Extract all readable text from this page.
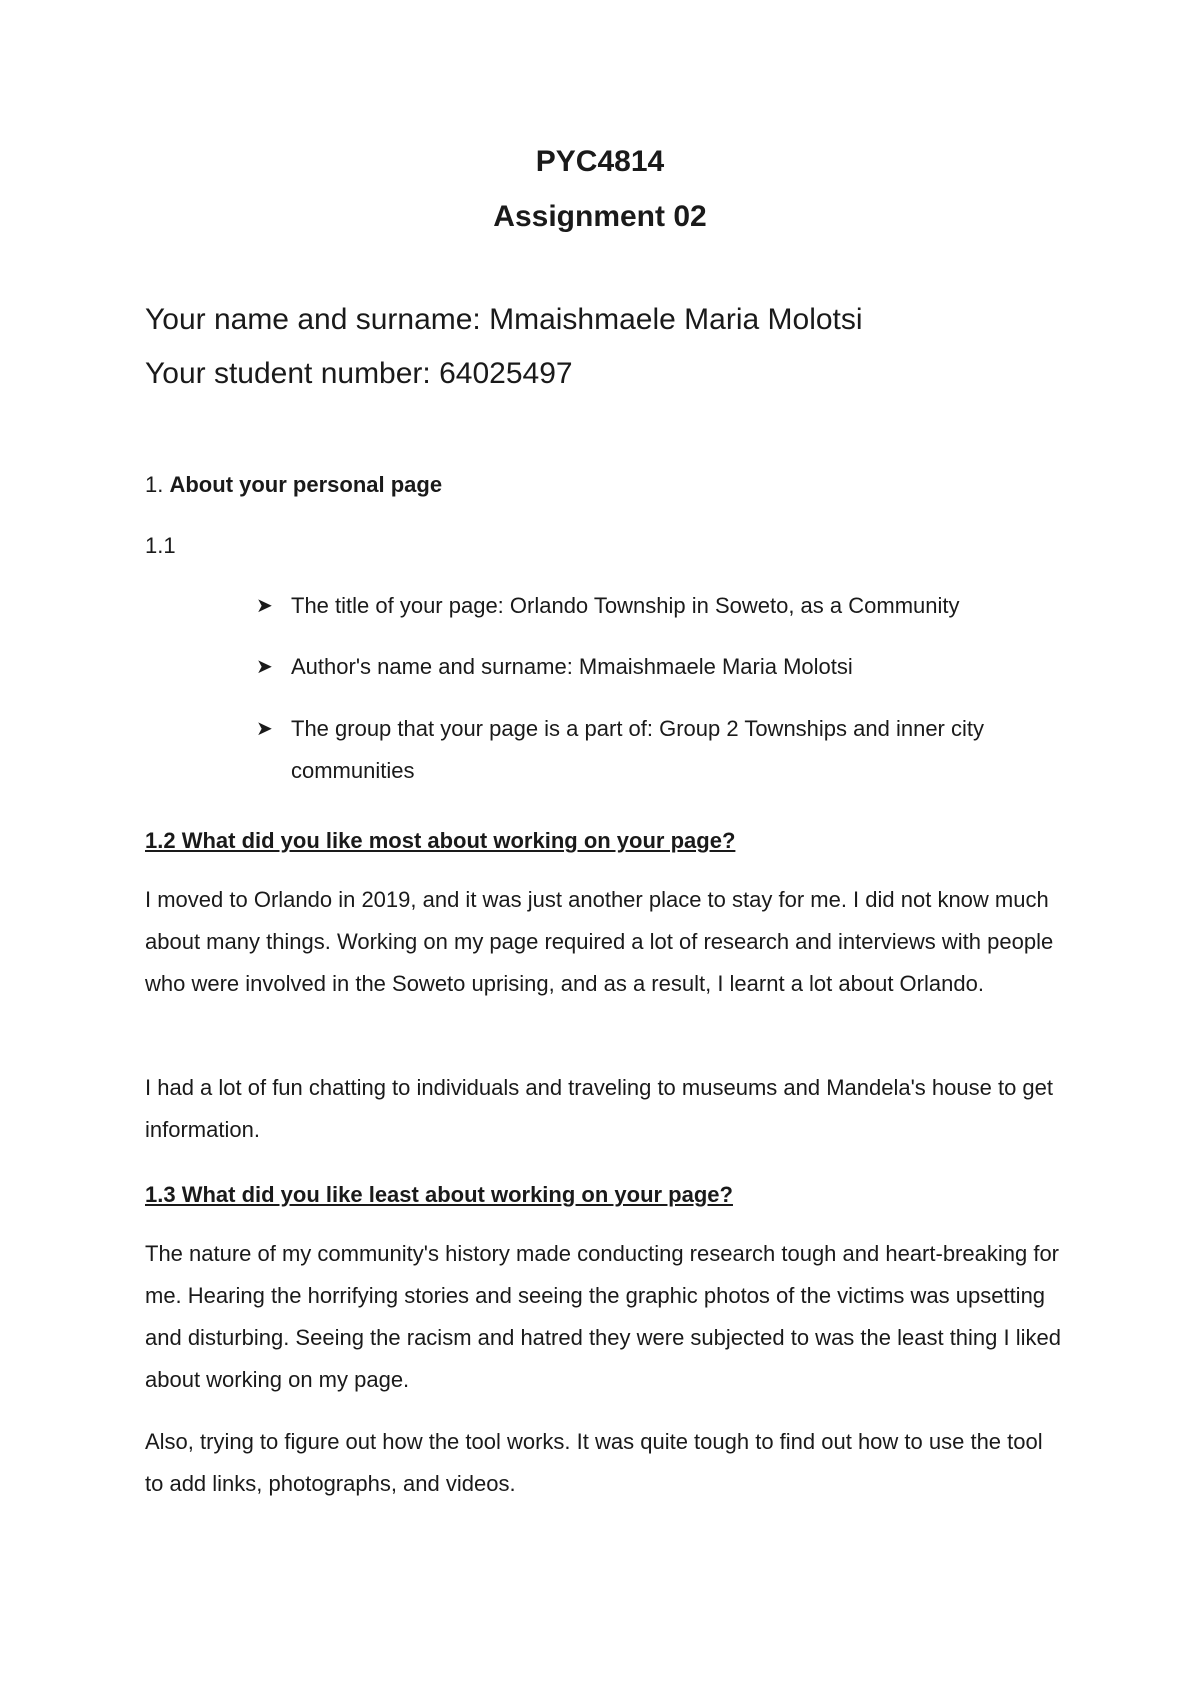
PYC4814
Assignment 02
Your name and surname: Mmaishmaele Maria Molotsi
Your student number: 64025497
1. About your personal page
1.1
➤ The title of your page: Orlando Township in Soweto, as a Community
➤ Author's name and surname: Mmaishmaele Maria Molotsi
➤ The group that your page is a part of: Group 2 Townships and inner city communities
1.2 What did you like most about working on your page?
I moved to Orlando in 2019, and it was just another place to stay for me. I did not know much about many things. Working on my page required a lot of research and interviews with people who were involved in the Soweto uprising, and as a result, I learnt a lot about Orlando.
I had a lot of fun chatting to individuals and traveling to museums and Mandela's house to get information.
1.3 What did you like least about working on your page?
The nature of my community's history made conducting research tough and heart-breaking for me. Hearing the horrifying stories and seeing the graphic photos of the victims was upsetting and disturbing. Seeing the racism and hatred they were subjected to was the least thing I liked about working on my page.
Also, trying to figure out how the tool works. It was quite tough to find out how to use the tool to add links, photographs, and videos.
